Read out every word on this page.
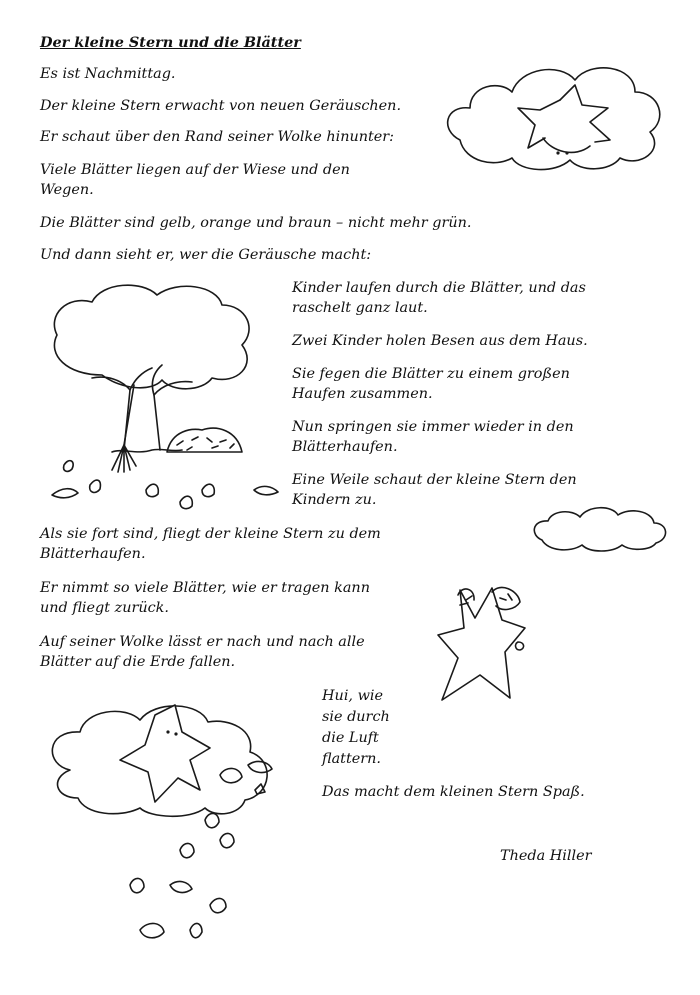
Der kleine Stern und die Blätter
Es ist Nachmittag.
Der kleine Stern erwacht von neuen Geräuschen.
Er schaut über den Rand seiner Wolke hinunter:
Viele Blätter liegen auf der Wiese und den
Wegen.
Die Blätter sind gelb, orange und braun – nicht mehr grün.
Und dann sieht er, wer die Geräusche macht:
Kinder laufen durch die Blätter, und das
raschelt ganz laut.
Zwei Kinder holen Besen aus dem Haus.
Sie fegen die Blätter zu einem großen
Haufen zusammen.
Nun springen sie immer wieder in den
Blätterhaufen.
Eine Weile schaut der kleine Stern den
Kindern zu.
Als sie fort sind, fliegt der kleine Stern zu dem
Blätterhaufen.
Er nimmt so viele Blätter, wie er tragen kann
und fliegt zurück.
Auf seiner Wolke lässt er nach und nach alle
Blätter auf die Erde fallen.
Hui, wie
sie durch
die Luft
flattern.
Das macht dem kleinen Stern Spaß.
Theda Hiller
